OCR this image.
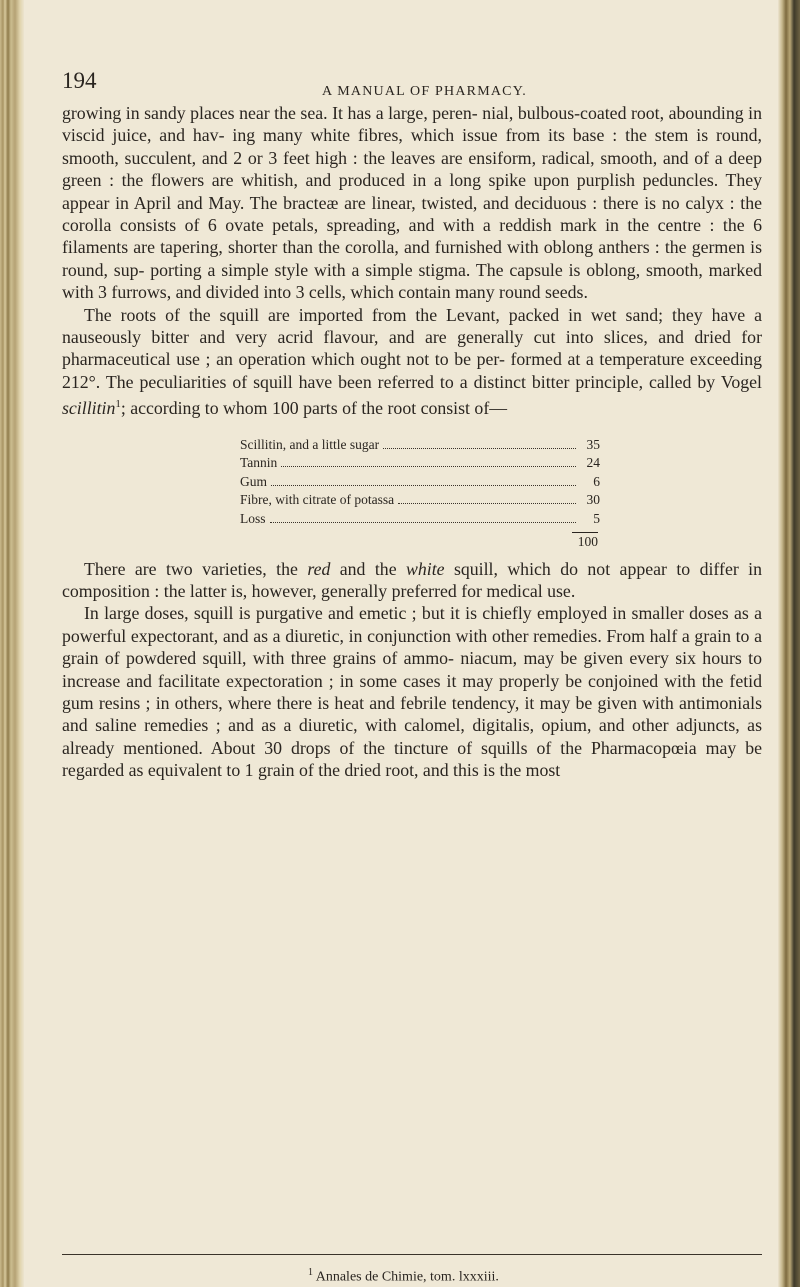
194	A MANUAL OF PHARMACY.

growing in sandy places near the sea. It has a large, peren- nial, bulbous-coated root, abounding in viscid juice, and hav- ing many white fibres, which issue from its base : the stem is round, smooth, succulent, and 2 or 3 feet high : the leaves are ensiform, radical, smooth, and of a deep green : the flowers are whitish, and produced in a long spike upon purplish peduncles. They appear in April and May. The bracteæ are linear, twisted, and deciduous : there is no calyx : the corolla consists of 6 ovate petals, spreading, and with a reddish mark in the centre : the 6 filaments are tapering, shorter than the corolla, and furnished with oblong anthers : the germen is round, sup- porting a simple style with a simple stigma. The capsule is oblong, smooth, marked with 3 furrows, and divided into 3 cells, which contain many round seeds.

The roots of the squill are imported from the Levant, packed in wet sand; they have a nauseously bitter and very acrid flavour, and are generally cut into slices, and dried for pharmaceutical use ; an operation which ought not to be per- formed at a temperature exceeding 212°. The peculiarities of squill have been referred to a distinct bitter principle, called by Vogel scillitin$^1$; according to whom 100 parts of the root consist of—

Scillitin, and a little sugar	35
Tannin	24
Gum	6
Fibre, with citrate of potassa	30
Loss	5
100

There are two varieties, the red and the white squill, which do not appear to differ in composition : the latter is, however, generally preferred for medical use.

In large doses, squill is purgative and emetic ; but it is chiefly employed in smaller doses as a powerful expectorant, and as a diuretic, in conjunction with other remedies. From half a grain to a grain of powdered squill, with three grains of ammo- niacum, may be given every six hours to increase and facilitate expectoration ; in some cases it may properly be conjoined with the fetid gum resins ; in others, where there is heat and febrile tendency, it may be given with antimonials and saline remedies ; and as a diuretic, with calomel, digitalis, opium, and other adjuncts, as already mentioned. About 30 drops of the tincture of squills of the Pharmacopœia may be regarded as equivalent to 1 grain of the dried root, and this is the most

$^1$ Annales de Chimie, tom. lxxxiii.
